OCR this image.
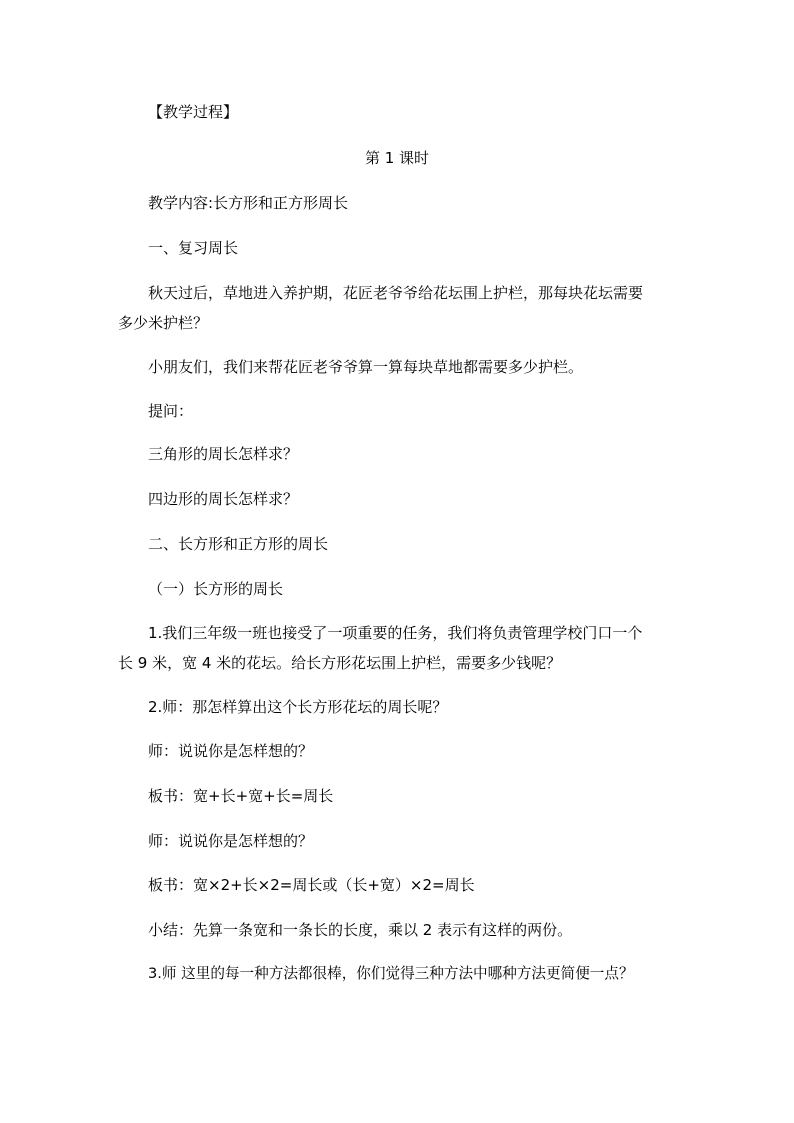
【教学过程】
第 1 课时
教学内容:长方形和正方形周长
一、复习周长
秋天过后，草地进入养护期，花匠老爷爷给花坛围上护栏，那每块花坛需要
多少米护栏？
小朋友们，我们来帮花匠老爷爷算一算每块草地都需要多少护栏。
提问：
三角形的周长怎样求？
四边形的周长怎样求？
二、长方形和正方形的周长
（一）长方形的周长
1.我们三年级一班也接受了一项重要的任务，我们将负责管理学校门口一个
长 9 米，宽 4 米的花坛。给长方形花坛围上护栏，需要多少钱呢？
2.师：那怎样算出这个长方形花坛的周长呢？
师：说说你是怎样想的？
板书：宽+长+宽+长=周长
师：说说你是怎样想的？
板书：宽×2+长×2=周长或（长+宽）×2=周长
小结：先算一条宽和一条长的长度，乘以 2 表示有这样的两份。
3.师 这里的每一种方法都很棒，你们觉得三种方法中哪种方法更简便一点？
